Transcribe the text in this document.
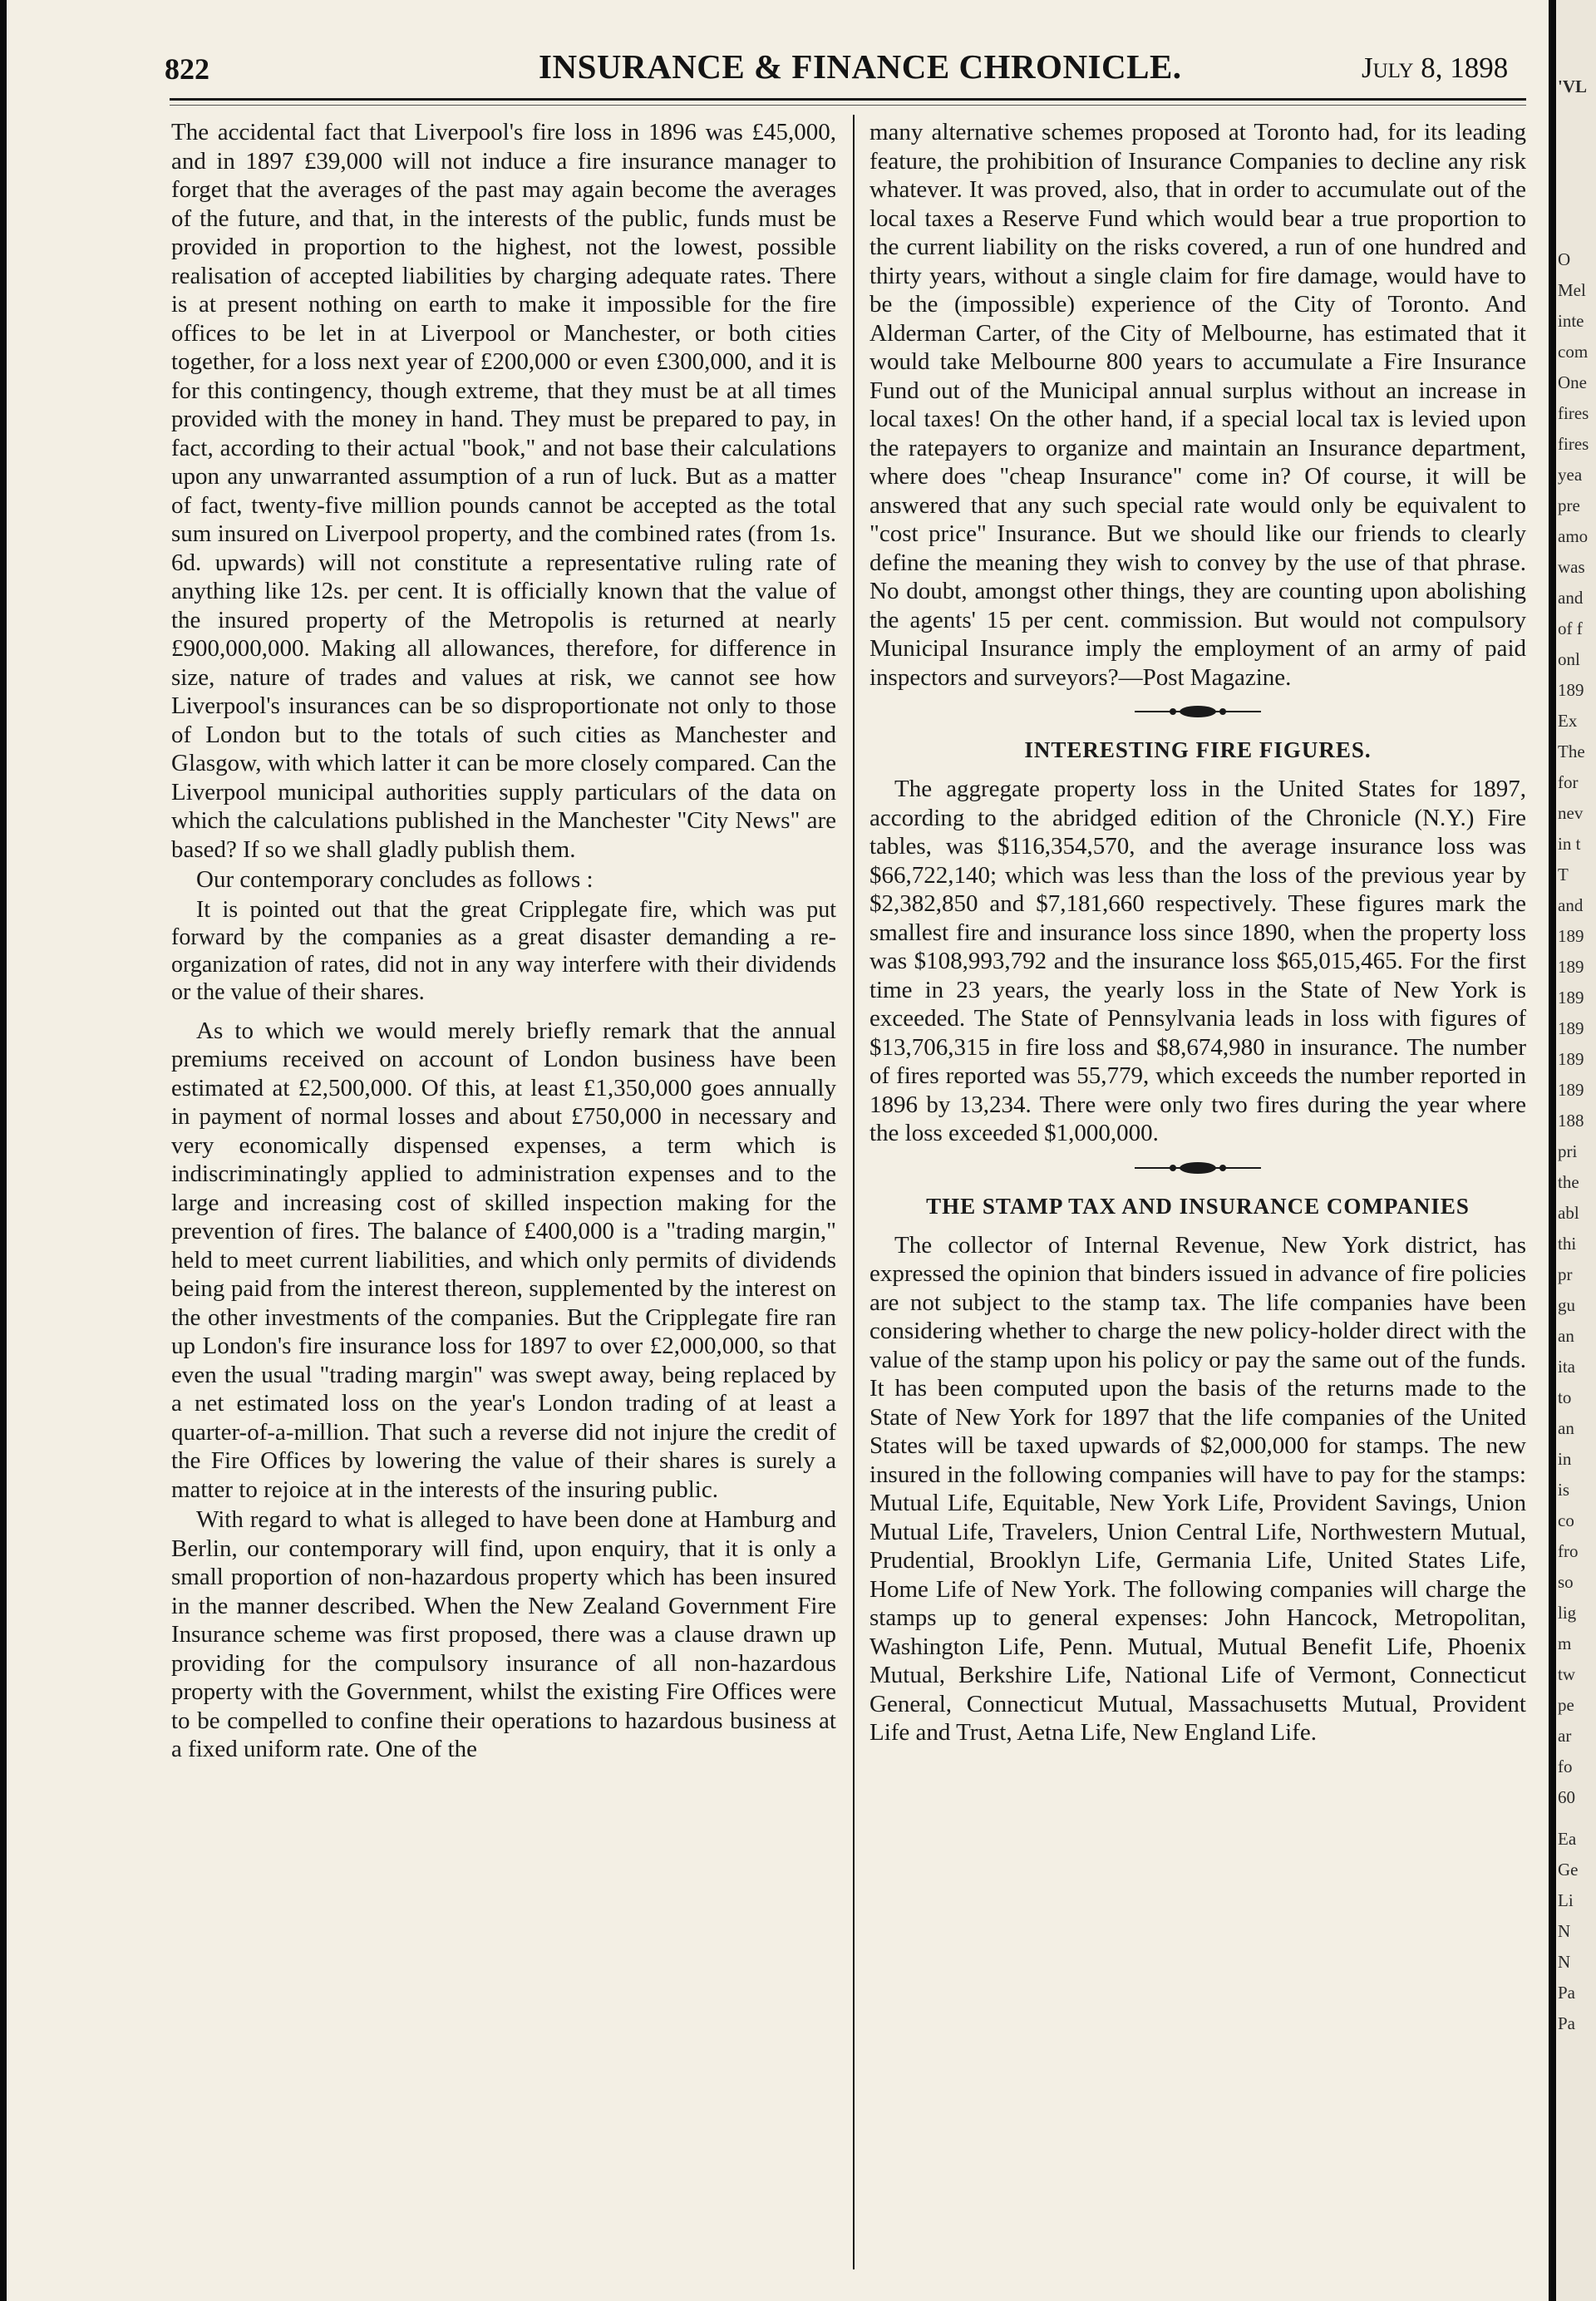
822	INSURANCE & FINANCE CHRONICLE.	July 8, 1898

The accidental fact that Liverpool's fire loss in 1896 was £45,000, and in 1897 £39,000 will not induce a fire insurance manager to forget that the averages of the past may again become the averages of the future, and that, in the interests of the public, funds must be provided in proportion to the highest, not the lowest, possible realisation of accepted liabilities by charging adequate rates. There is at present nothing on earth to make it impossible for the fire offices to be let in at Liverpool or Manchester, or both cities together, for a loss next year of £200,000 or even £300,000, and it is for this contingency, though extreme, that they must be at all times provided with the money in hand. They must be prepared to pay, in fact, according to their actual "book," and not base their calculations upon any unwarranted assumption of a run of luck. But as a matter of fact, twenty-five million pounds cannot be accepted as the total sum insured on Liverpool property, and the combined rates (from 1s. 6d. upwards) will not constitute a representative ruling rate of anything like 12s. per cent. It is officially known that the value of the insured property of the Metropolis is returned at nearly £900,000,000. Making all allowances, therefore, for difference in size, nature of trades and values at risk, we cannot see how Liverpool's insurances can be so disproportionate not only to those of London but to the totals of such cities as Manchester and Glasgow, with which latter it can be more closely compared. Can the Liverpool municipal authorities supply particulars of the data on which the calculations published in the Manchester "City News" are based? If so we shall gladly publish them.

Our contemporary concludes as follows :

It is pointed out that the great Cripplegate fire, which was put forward by the companies as a great disaster demanding a re-organization of rates, did not in any way interfere with their dividends or the value of their shares.

As to which we would merely briefly remark that the annual premiums received on account of London business have been estimated at £2,500,000. Of this, at least £1,350,000 goes annually in payment of normal losses and about £750,000 in necessary and very economically dispensed expenses, a term which is indiscriminatingly applied to administration expenses and to the large and increasing cost of skilled inspection making for the prevention of fires. The balance of £400,000 is a "trading margin," held to meet current liabilities, and which only permits of dividends being paid from the interest thereon, supplemented by the interest on the other investments of the companies. But the Cripplegate fire ran up London's fire insurance loss for 1897 to over £2,000,000, so that even the usual "trading margin" was swept away, being replaced by a net estimated loss on the year's London trading of at least a quarter-of-a-million. That such a reverse did not injure the credit of the Fire Offices by lowering the value of their shares is surely a matter to rejoice at in the interests of the insuring public.

With regard to what is alleged to have been done at Hamburg and Berlin, our contemporary will find, upon enquiry, that it is only a small proportion of non-hazardous property which has been insured in the manner described. When the New Zealand Government Fire Insurance scheme was first proposed, there was a clause drawn up providing for the compulsory insurance of all non-hazardous property with the Government, whilst the existing Fire Offices were to be compelled to confine their operations to hazardous business at a fixed uniform rate. One of the

many alternative schemes proposed at Toronto had, for its leading feature, the prohibition of Insurance Companies to decline any risk whatever. It was proved, also, that in order to accumulate out of the local taxes a Reserve Fund which would bear a true proportion to the current liability on the risks covered, a run of one hundred and thirty years, without a single claim for fire damage, would have to be the (impossible) experience of the City of Toronto. And Alderman Carter, of the City of Melbourne, has estimated that it would take Melbourne 800 years to accumulate a Fire Insurance Fund out of the Municipal annual surplus without an increase in local taxes! On the other hand, if a special local tax is levied upon the ratepayers to organize and maintain an Insurance department, where does "cheap Insurance" come in? Of course, it will be answered that any such special rate would only be equivalent to "cost price" Insurance. But we should like our friends to clearly define the meaning they wish to convey by the use of that phrase. No doubt, amongst other things, they are counting upon abolishing the agents' 15 per cent. commission. But would not compulsory Municipal Insurance imply the employment of an army of paid inspectors and surveyors?—Post Magazine.

INTERESTING FIRE FIGURES.

The aggregate property loss in the United States for 1897, according to the abridged edition of the Chronicle (N.Y.) Fire tables, was $116,354,570, and the average insurance loss was $66,722,140; which was less than the loss of the previous year by $2,382,850 and $7,181,660 respectively. These figures mark the smallest fire and insurance loss since 1890, when the property loss was $108,993,792 and the insurance loss $65,015,465. For the first time in 23 years, the yearly loss in the State of New York is exceeded. The State of Pennsylvania leads in loss with figures of $13,706,315 in fire loss and $8,674,980 in insurance. The number of fires reported was 55,779, which exceeds the number reported in 1896 by 13,234. There were only two fires during the year where the loss exceeded $1,000,000.

THE STAMP TAX AND INSURANCE COMPANIES

The collector of Internal Revenue, New York district, has expressed the opinion that binders issued in advance of fire policies are not subject to the stamp tax. The life companies have been considering whether to charge the new policy-holder direct with the value of the stamp upon his policy or pay the same out of the funds. It has been computed upon the basis of the returns made to the State of New York for 1897 that the life companies of the United States will be taxed upwards of $2,000,000 for stamps. The new insured in the following companies will have to pay for the stamps: Mutual Life, Equitable, New York Life, Provident Savings, Union Mutual Life, Travelers, Union Central Life, Northwestern Mutual, Prudential, Brooklyn Life, Germania Life, United States Life, Home Life of New York. The following companies will charge the stamps up to general expenses: John Hancock, Metropolitan, Washington Life, Penn. Mutual, Mutual Benefit Life, Phoenix Mutual, Berkshire Life, National Life of Vermont, Connecticut General, Connecticut Mutual, Massachusetts Mutual, Provident Life and Trust, Aetna Life, New England Life.

'VL
O
Mel
inte
com
One
fires
fires
yea
pre
amo
was
and
of f
onl
189
Ex
The
for
nev
in t
T
and
189
189
189
189
189
189
188
pri
the
abl
thi
pr
gu
an
ita
to
an
in
is
co
fro
so
lig
m
tw
pe
ar
fo
60
Ea
Ge
Li
N
N
Pa
Pa
